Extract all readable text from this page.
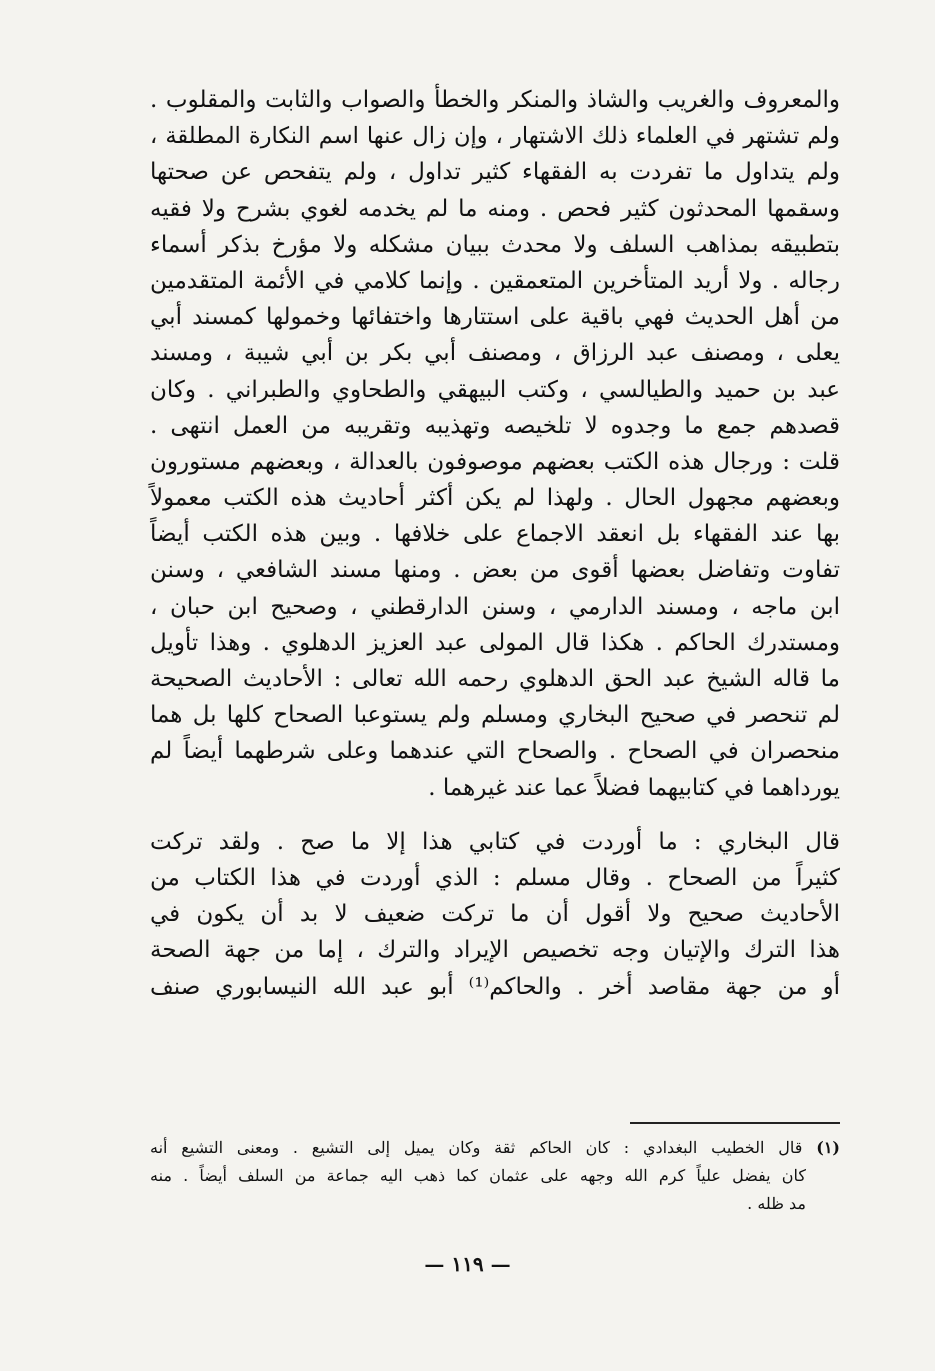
والمعروف والغريب والشاذ والمنكر والخطأ والصواب والثابت والمقلوب .
ولم تشتهر في العلماء ذلك الاشتهار ، وإن زال عنها اسم النكارة المطلقة ،
ولم يتداول ما تفردت به الفقهاء كثير تداول ، ولم يتفحص عن صحتها
وسقمها المحدثون كثير فحص . ومنه ما لم يخدمه لغوي بشرح ولا فقيه
بتطبيقه بمذاهب السلف ولا محدث ببيان مشكله ولا مؤرخ بذكر أسماء
رجاله . ولا أريد المتأخرين المتعمقين . وإنما كلامي في الأئمة المتقدمين
من أهل الحديث فهي باقية على استتارها واختفائها وخمولها كمسند أبي
يعلى ، ومصنف عبد الرزاق ، ومصنف أبي بكر بن أبي شيبة ، ومسند
عبد بن حميد والطيالسي ، وكتب البيهقي والطحاوي والطبراني . وكان
قصدهم جمع ما وجدوه لا تلخيصه وتهذيبه وتقريبه من العمل انتهى .
قلت : ورجال هذه الكتب بعضهم موصوفون بالعدالة ، وبعضهم مستورون
وبعضهم مجهول الحال . ولهذا لم يكن أكثر أحاديث هذه الكتب معمولاً
بها عند الفقهاء بل انعقد الاجماع على خلافها . وبين هذه الكتب أيضاً
تفاوت وتفاضل بعضها أقوى من بعض . ومنها مسند الشافعي ، وسنن
ابن ماجه ، ومسند الدارمي ، وسنن الدارقطني ، وصحيح ابن حبان ،
ومستدرك الحاكم . هكذا قال المولى عبد العزيز الدهلوي . وهذا تأويل
ما قاله الشيخ عبد الحق الدهلوي رحمه الله تعالى : الأحاديث الصحيحة
لم تنحصر في صحيح البخاري ومسلم ولم يستوعبا الصحاح كلها بل هما
منحصران في الصحاح . والصحاح التي عندهما وعلى شرطهما أيضاً لم
يورداهما في كتابيهما فضلاً عما عند غيرهما .
قال البخاري : ما أوردت في كتابي هذا إلا ما صح . ولقد تركت
كثيراً من الصحاح . وقال مسلم : الذي أوردت في هذا الكتاب من
الأحاديث صحيح ولا أقول أن ما تركت ضعيف لا بد أن يكون في
هذا الترك والإتيان وجه تخصيص الإيراد والترك ، إما من جهة الصحة
أو من جهة مقاصد أخر . والحاكم⁽¹⁾ أبو عبد الله النيسابوري صنف
(١) قال الخطيب البغدادي : كان الحاكم ثقة وكان يميل إلى التشيع . ومعنى التشيع أنه
كان يفضل علياً كرم الله وجهه على عثمان كما ذهب اليه جماعة من السلف أيضاً . منه
مد ظله .
— ١١٩ —
